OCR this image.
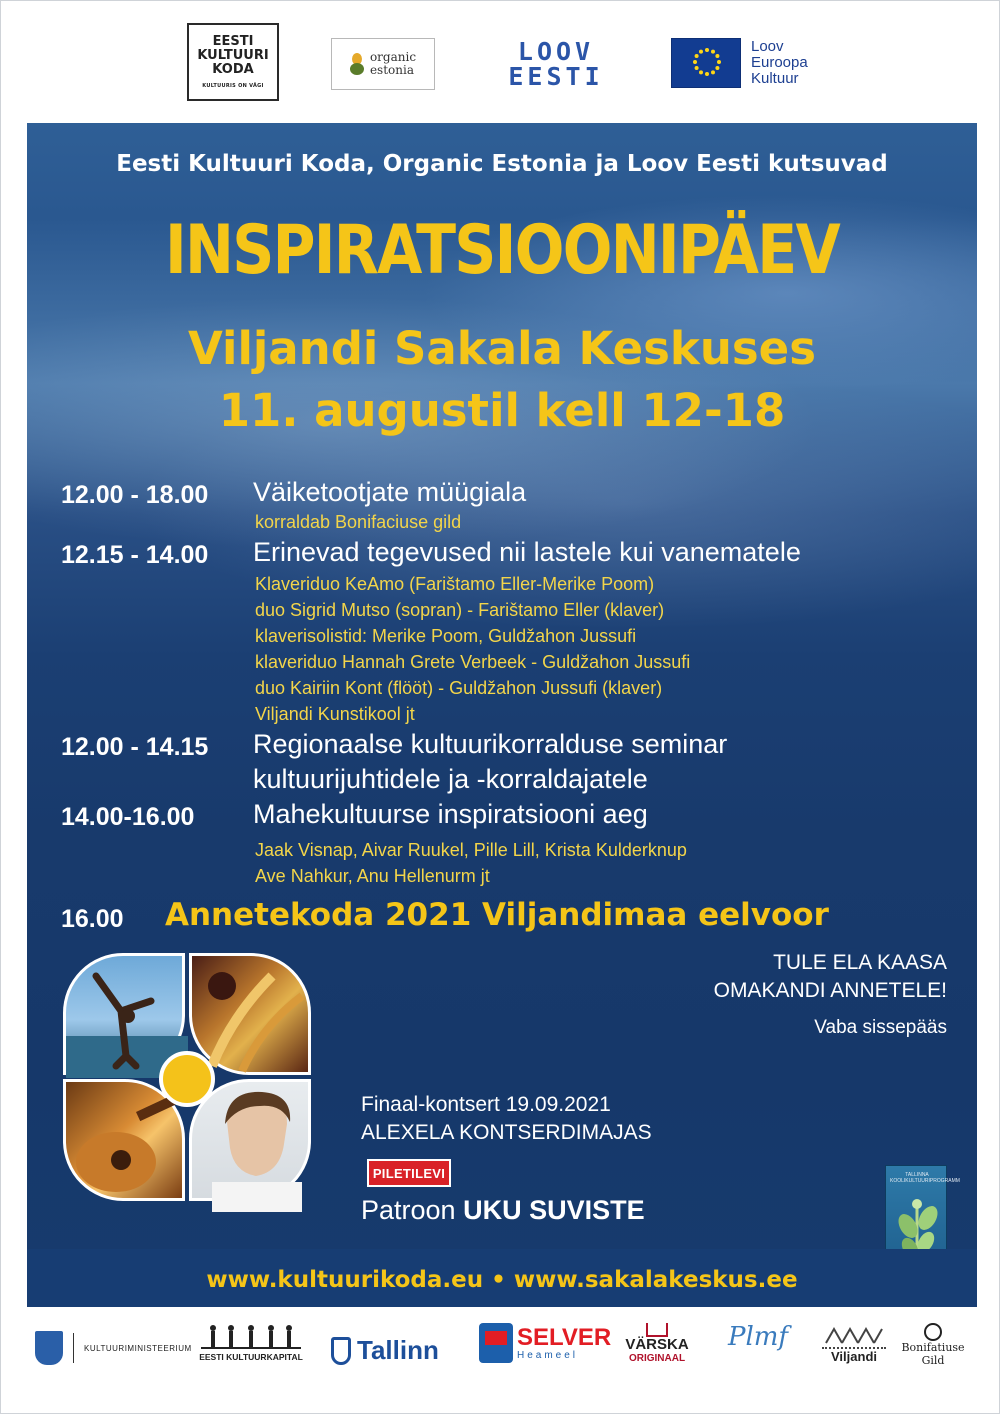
EESTI
KULTUURI
KODA
KULTUURIS ON VÄGI
organic
estonia
LOOV
EESTI
Loov
Euroopa
Kultuur
Eesti Kultuuri Koda, Organic Estonia ja Loov Eesti kutsuvad
INSPIRATSIOONIPÄEV
Viljandi Sakala Keskuses
11. augustil kell 12-18
12.00 - 18.00 Väiketootjate müügiala
korraldab Bonifaciuse gild
12.15 - 14.00 Erinevad tegevused nii lastele kui vanematele
Klaveriduo KeAmo (Farištamo Eller-Merike Poom)
duo Sigrid Mutso (sopran) - Farištamo Eller (klaver)
klaverisolistid: Merike Poom, Guldžahon Jussufi
klaveriduo Hannah Grete Verbeek - Guldžahon Jussufi
duo Kairiin Kont (flööt) - Guldžahon Jussufi (klaver)
Viljandi Kunstikool jt
12.00 - 14.15 Regionaalse kultuurikorralduse seminar
kultuurijuhtidele ja -korraldajatele
14.00-16.00 Mahekultuurse inspiratsiooni aeg
Jaak Visnap, Aivar Ruukel, Pille Lill, Krista Kulderknup
Ave Nahkur, Anu Hellenurm jt
16.00 Annetekoda 2021 Viljandimaa eelvoor
TULE ELA KAASA
OMAKANDI ANNETELE!
Vaba sissepääs
Finaal-kontsert 19.09.2021
ALEXELA KONTSERDIMAJAS
PILETILEVI
Patroon UKU SUVISTE
TALLINNA KOOLIKULTUURIPROGRAMM
www.kultuurikoda.eu • www.sakalakeskus.ee
KULTUURIMINISTEERIUM
EESTI KULTUURKAPITAL Tallinn	SELVER
Heameel
VÄRSKA
ORIGINAAL
Plmf
Viljandi
Bonifatiuse
Gild
